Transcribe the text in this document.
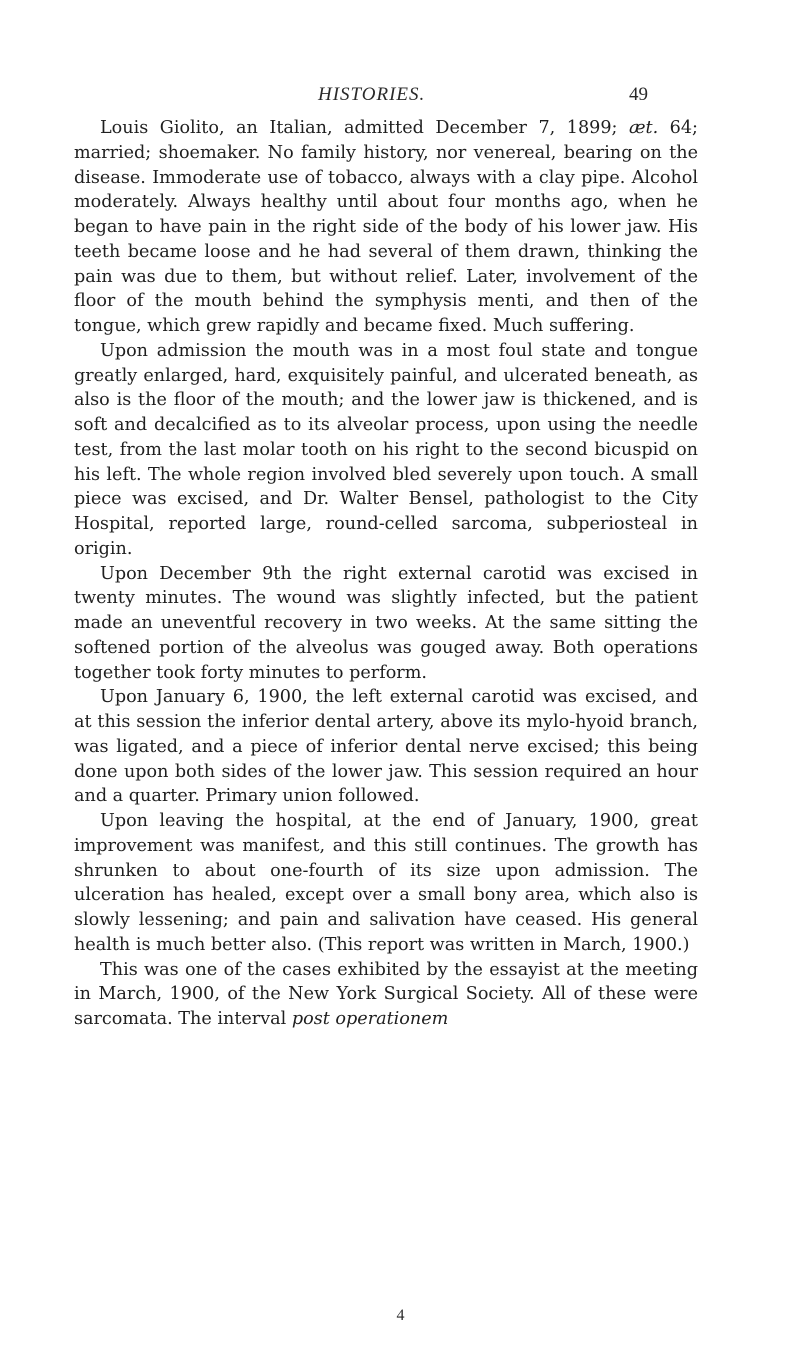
HISTORIES.	49

Louis Giolito, an Italian, admitted December 7, 1899; æt. 64; married; shoemaker. No family history, nor venereal, bearing on the disease. Immoderate use of tobacco, always with a clay pipe. Alcohol moderately. Always healthy until about four months ago, when he began to have pain in the right side of the body of his lower jaw. His teeth became loose and he had several of them drawn, thinking the pain was due to them, but without relief. Later, involvement of the floor of the mouth behind the symphysis menti, and then of the tongue, which grew rapidly and became fixed. Much suffering.

Upon admission the mouth was in a most foul state and tongue greatly enlarged, hard, exquisitely painful, and ulcerated beneath, as also is the floor of the mouth; and the lower jaw is thickened, and is soft and decalcified as to its alveolar process, upon using the needle test, from the last molar tooth on his right to the second bicuspid on his left. The whole region involved bled severely upon touch. A small piece was excised, and Dr. Walter Bensel, pathologist to the City Hospital, reported large, round-celled sarcoma, subperiosteal in origin.

Upon December 9th the right external carotid was excised in twenty minutes. The wound was slightly infected, but the patient made an uneventful recovery in two weeks. At the same sitting the softened portion of the alveolus was gouged away. Both operations together took forty minutes to perform.

Upon January 6, 1900, the left external carotid was excised, and at this session the inferior dental artery, above its mylo-hyoid branch, was ligated, and a piece of inferior dental nerve excised; this being done upon both sides of the lower jaw. This session required an hour and a quarter. Primary union followed.

Upon leaving the hospital, at the end of January, 1900, great improvement was manifest, and this still continues. The growth has shrunken to about one-fourth of its size upon admission. The ulceration has healed, except over a small bony area, which also is slowly lessening; and pain and salivation have ceased. His general health is much better also. (This report was written in March, 1900.)

This was one of the cases exhibited by the essayist at the meeting in March, 1900, of the New York Surgical Society. All of these were sarcomata. The interval post operationem

4
